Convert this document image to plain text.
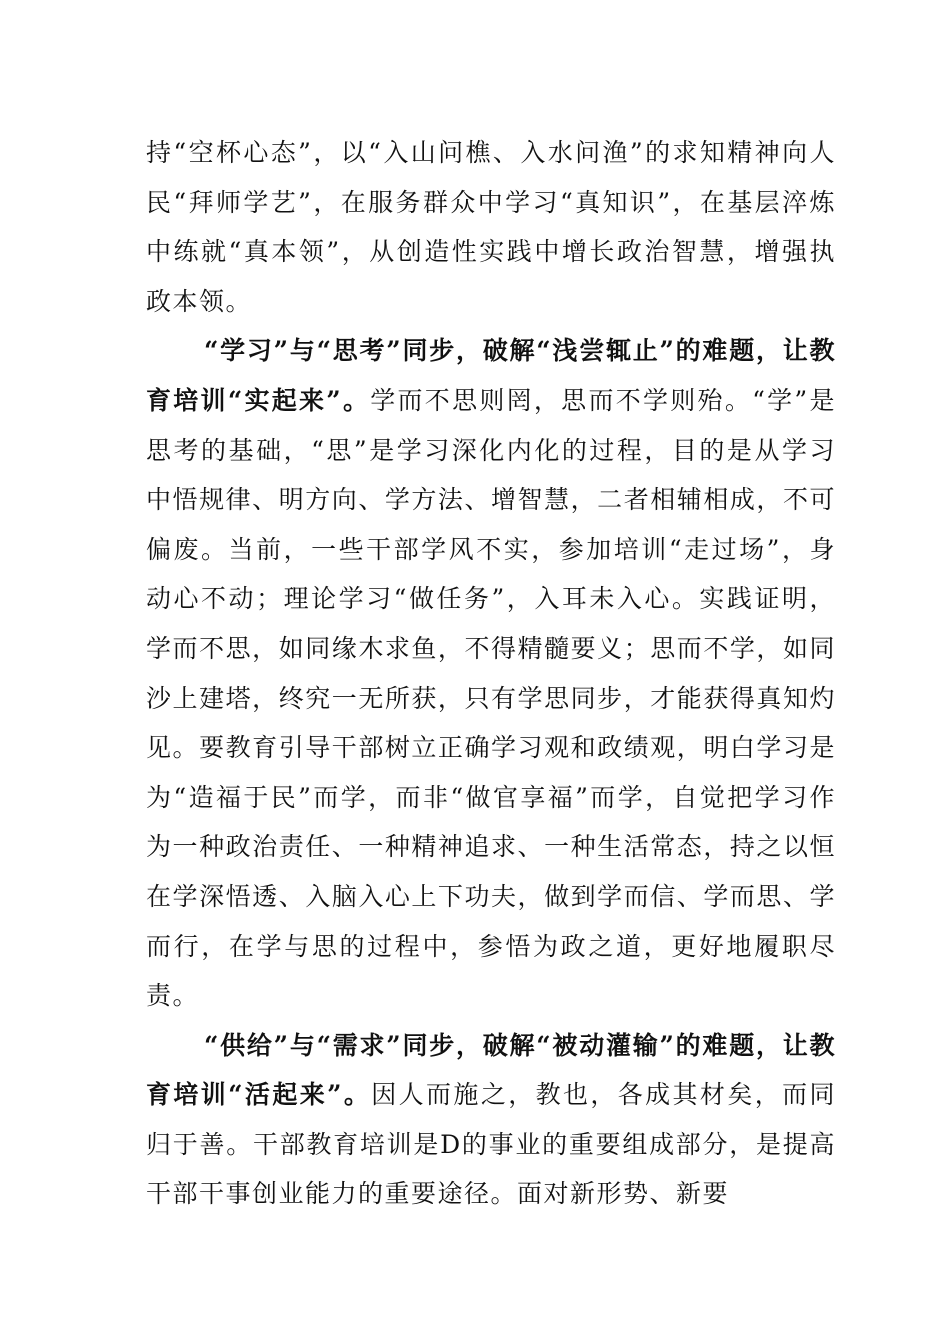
持“空杯心态”，以“入山问樵、入水问渔”的求知精神向人民“拜师学艺”，在服务群众中学习“真知识”，在基层淬炼中练就“真本领”，从创造性实践中增长政治智慧，增强执政本领。

“学习”与“思考”同步，破解“浅尝辄止”的难题，让教育培训“实起来”。学而不思则罔，思而不学则殆。“学”是思考的基础，“思”是学习深化内化的过程，目的是从学习中悟规律、明方向、学方法、增智慧，二者相辅相成，不可偏废。当前，一些干部学风不实，参加培训“走过场”，身动心不动；理论学习“做任务”，入耳未入心。实践证明，学而不思，如同缘木求鱼，不得精髓要义；思而不学，如同沙上建塔，终究一无所获，只有学思同步，才能获得真知灼见。要教育引导干部树立正确学习观和政绩观，明白学习是为“造福于民”而学，而非“做官享福”而学，自觉把学习作为一种政治责任、一种精神追求、一种生活常态，持之以恒在学深悟透、入脑入心上下功夫，做到学而信、学而思、学而行，在学与思的过程中，参悟为政之道，更好地履职尽责。

“供给”与“需求”同步，破解“被动灌输”的难题，让教育培训“活起来”。因人而施之，教也，各成其材矣，而同归于善。干部教育培训是D的事业的重要组成部分，是提高干部干事创业能力的重要途径。面对新形势、新要
